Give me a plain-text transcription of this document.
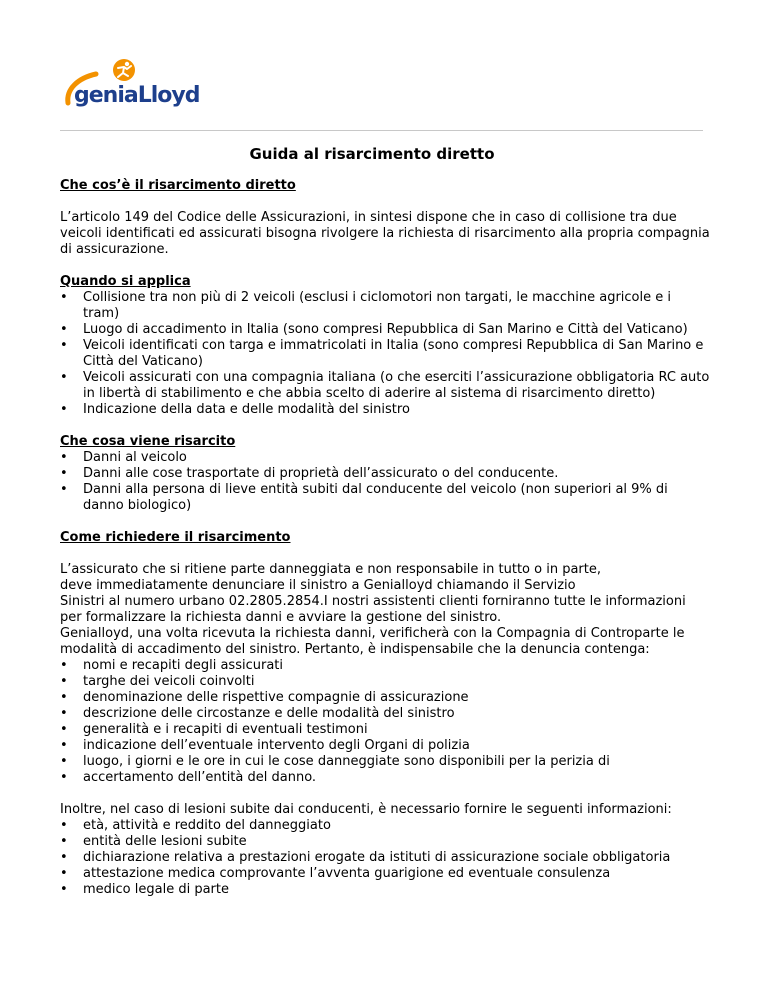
geniaLloyd
Guida al risarcimento diretto

Che cos’è il risarcimento diretto

L’articolo 149 del Codice delle Assicurazioni, in sintesi dispone che in caso di collisione tra due veicoli identificati ed assicurati bisogna rivolgere la richiesta di risarcimento alla propria compagnia di assicurazione.

Quando si applica

• Collisione tra non più di 2 veicoli (esclusi i ciclomotori non targati, le macchine agricole e i tram)
• Luogo di accadimento in Italia (sono compresi Repubblica di San Marino e Città del Vaticano)
• Veicoli identificati con targa e immatricolati in Italia (sono compresi Repubblica di San Marino e Città del Vaticano)
• Veicoli assicurati con una compagnia italiana (o che eserciti l’assicurazione obbligatoria RC auto in libertà di stabilimento e che abbia scelto di aderire al sistema di risarcimento diretto)
• Indicazione della data e delle modalità del sinistro

Che cosa viene risarcito

• Danni al veicolo
• Danni alle cose trasportate di proprietà dell’assicurato o del conducente.
• Danni alla persona di lieve entità subiti dal conducente del veicolo (non superiori al 9% di danno biologico)

Come richiedere il risarcimento

L’assicurato che si ritiene parte danneggiata e non responsabile in tutto o in parte,

deve immediatamente denunciare il sinistro a Genialloyd chiamando il Servizio

Sinistri al numero urbano 02.2805.2854.I nostri assistenti clienti forniranno tutte le informazioni per formalizzare la richiesta danni e avviare la gestione del sinistro.

Genialloyd, una volta ricevuta la richiesta danni, verificherà con la Compagnia di Controparte le modalità di accadimento del sinistro. Pertanto, è indispensabile che la denuncia contenga:

• nomi e recapiti degli assicurati
• targhe dei veicoli coinvolti
• denominazione delle rispettive compagnie di assicurazione
• descrizione delle circostanze e delle modalità del sinistro
• generalità e i recapiti di eventuali testimoni
• indicazione dell’eventuale intervento degli Organi di polizia
• luogo, i giorni e le ore in cui le cose danneggiate sono disponibili per la perizia di
• accertamento dell’entità del danno.

Inoltre, nel caso di lesioni subite dai conducenti, è necessario fornire le seguenti informazioni:

• età, attività e reddito del danneggiato
• entità delle lesioni subite
• dichiarazione relativa a prestazioni erogate da istituti di assicurazione sociale obbligatoria
• attestazione medica comprovante l’avventa guarigione ed eventuale consulenza
• medico legale di parte
